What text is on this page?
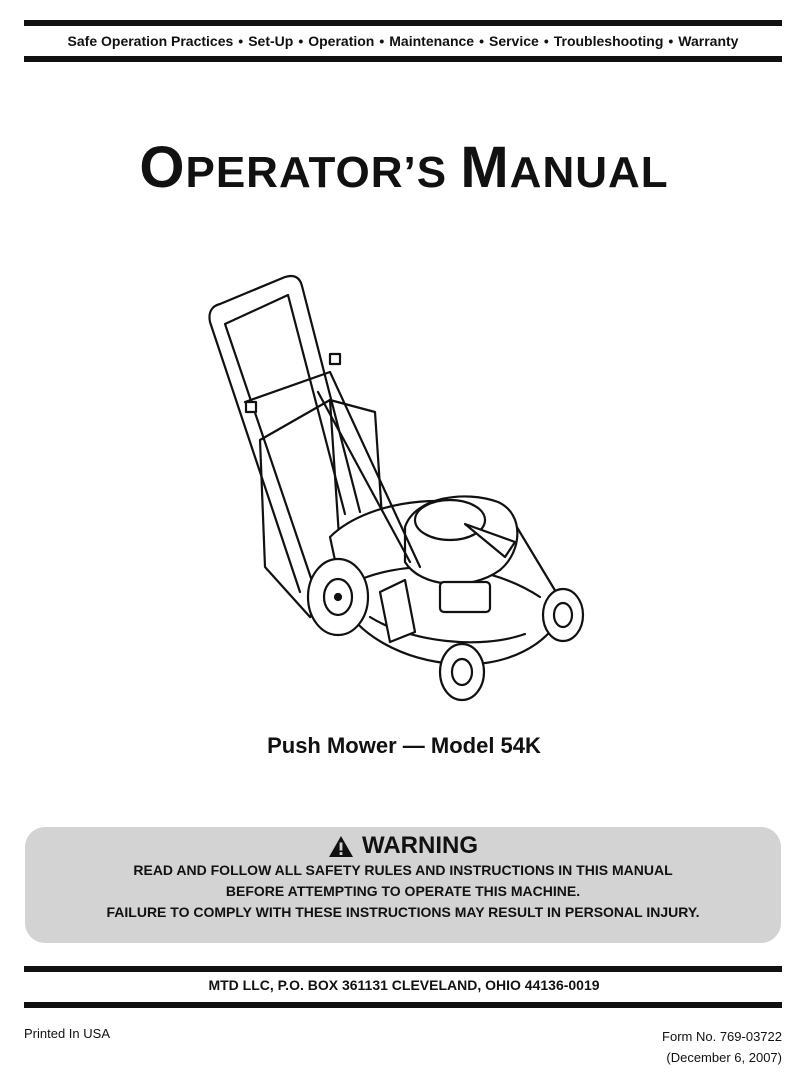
Safe Operation Practices • Set-Up • Operation • Maintenance • Service • Troubleshooting • Warranty
OPERATOR’S MANUAL
Push Mower — Model 54K
WARNING
READ AND FOLLOW ALL SAFETY RULES AND INSTRUCTIONS IN THIS MANUAL
BEFORE ATTEMPTING TO OPERATE THIS MACHINE.
FAILURE TO COMPLY WITH THESE INSTRUCTIONS MAY RESULT IN PERSONAL INJURY.
MTD LLC, P.O. BOX 361131 CLEVELAND, OHIO 44136-0019
Printed In USA	Form No. 769-03722
(December 6, 2007)
